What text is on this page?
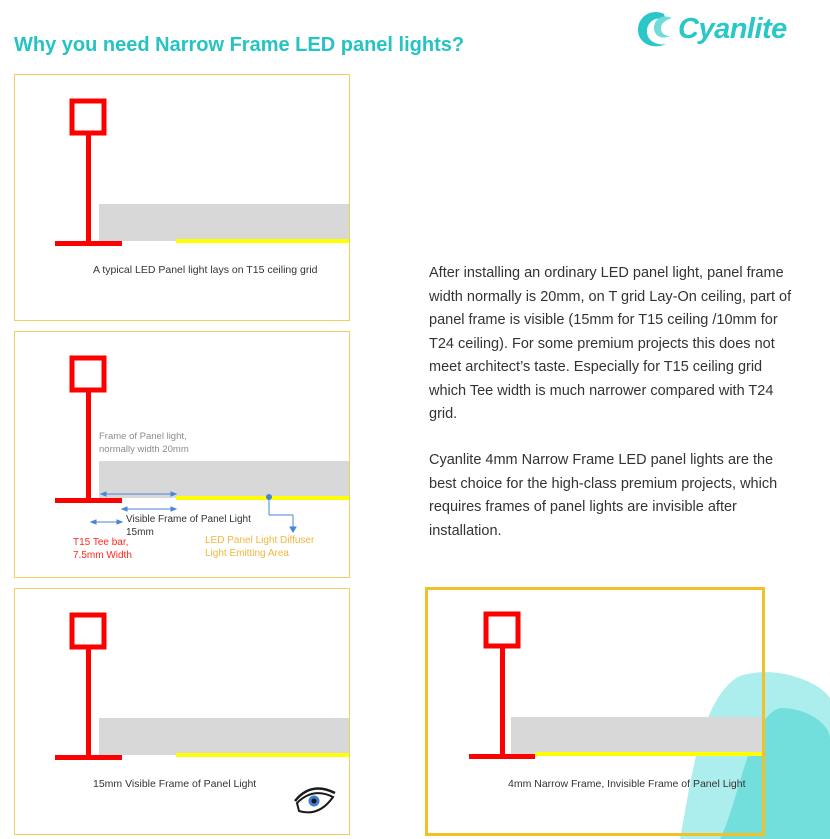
Why you need Narrow Frame LED panel lights?	Cyanlite
A typical LED Panel light lays on T15 ceiling grid
Frame of Panel light,
normally width 20mm
Visible Frame of Panel Light
15mm
T15 Tee bar,
7.5mm Width
LED Panel Light Diffuser
Light Emitting Area
15mm Visible Frame of Panel Light

After installing an ordinary LED panel light, panel frame width normally is 20mm, on T grid Lay-On ceiling, part of panel frame is visible (15mm for T15 ceiling /10mm for T24 ceiling). For some premium projects this does not meet architect’s taste. Especially for T15 ceiling grid which Tee width is much narrower compared with T24 grid.

Cyanlite 4mm Narrow Frame LED panel lights are the best choice for the high-class premium projects, which requires frames of panel lights are invisible after installation.

4mm Narrow Frame, Invisible Frame of Panel Light
